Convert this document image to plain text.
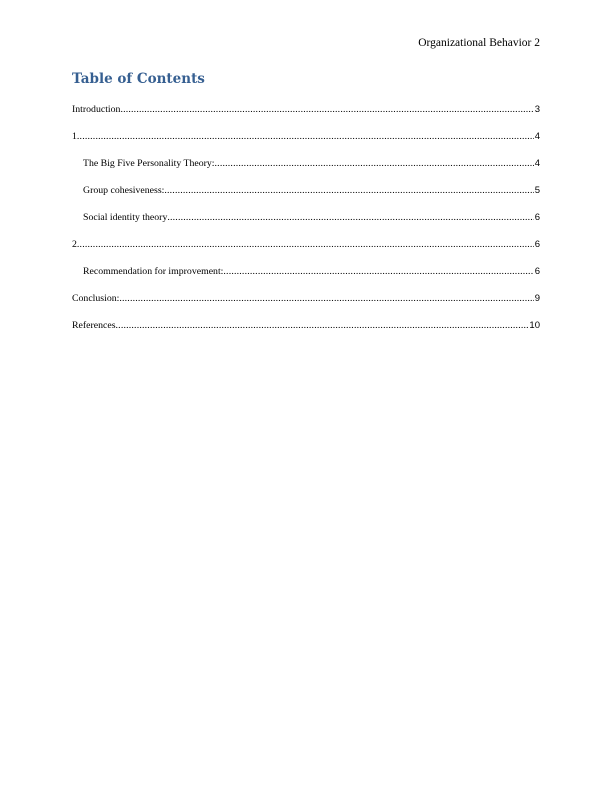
Organizational Behavior 2
Table of Contents
Introduction .....	3
1 .....	4
The Big Five Personality Theory: .....	4
Group cohesiveness: .....	5
Social identity theory .....	6
2 .....	6
Recommendation for improvement: .....	6
Conclusion: .....	9
References .....	10
